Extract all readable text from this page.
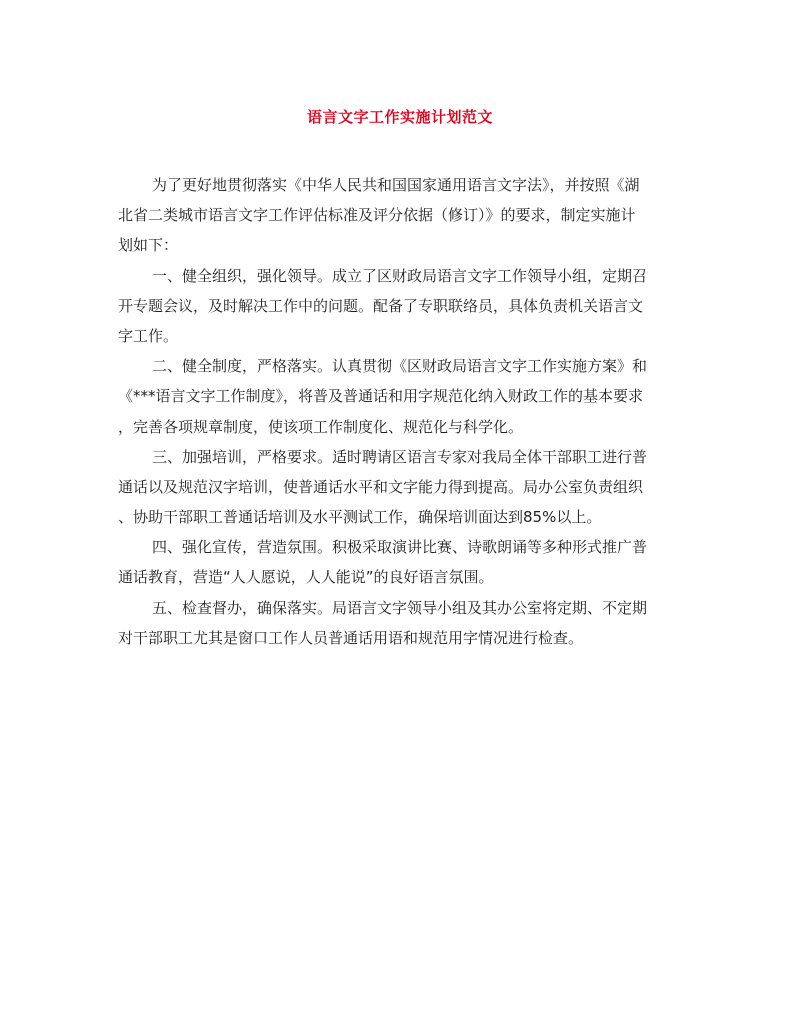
语言文字工作实施计划范文
为了更好地贯彻落实《中华人民共和国国家通用语言文字法》，并按照《湖
北省二类城市语言文字工作评估标准及评分依据（修订）》的要求，制定实施计
划如下：
一、健全组织，强化领导。成立了区财政局语言文字工作领导小组，定期召
开专题会议，及时解决工作中的问题。配备了专职联络员，具体负责机关语言文
字工作。
二、健全制度，严格落实。认真贯彻《区财政局语言文字工作实施方案》和
《***语言文字工作制度》，将普及普通话和用字规范化纳入财政工作的基本要求
，完善各项规章制度，使该项工作制度化、规范化与科学化。
三、加强培训，严格要求。适时聘请区语言专家对我局全体干部职工进行普
通话以及规范汉字培训，使普通话水平和文字能力得到提高。局办公室负责组织
、协助干部职工普通话培训及水平测试工作，确保培训面达到85%以上。
四、强化宣传，营造氛围。积极采取演讲比赛、诗歌朗诵等多种形式推广普
通话教育，营造“人人愿说，人人能说”的良好语言氛围。
五、检查督办，确保落实。局语言文字领导小组及其办公室将定期、不定期
对干部职工尤其是窗口工作人员普通话用语和规范用字情况进行检查。
